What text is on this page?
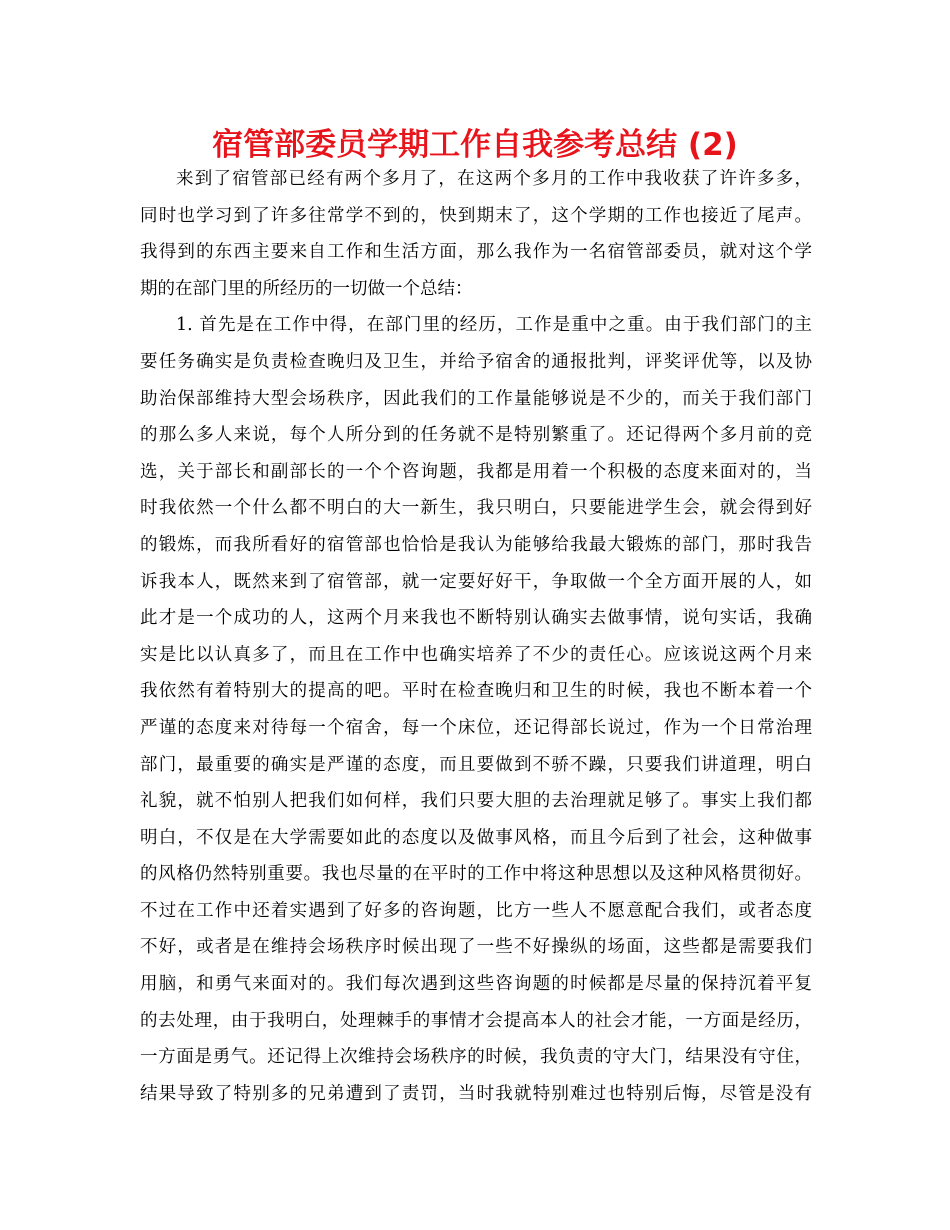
宿管部委员学期工作自我参考总结 (2)
来到了宿管部已经有两个多月了，在这两个多月的工作中我收获了许许多多，
同时也学习到了许多往常学不到的，快到期末了，这个学期的工作也接近了尾声。
我得到的东西主要来自工作和生活方面，那么我作为一名宿管部委员，就对这个学
期的在部门里的所经历的一切做一个总结：
1. 首先是在工作中得，在部门里的经历，工作是重中之重。由于我们部门的主
要任务确实是负责检查晚归及卫生，并给予宿舍的通报批判，评奖评优等，以及协
助治保部维持大型会场秩序，因此我们的工作量能够说是不少的，而关于我们部门
的那么多人来说，每个人所分到的任务就不是特别繁重了。还记得两个多月前的竞
选，关于部长和副部长的一个个咨询题，我都是用着一个积极的态度来面对的，当
时我依然一个什么都不明白的大一新生，我只明白，只要能进学生会，就会得到好
的锻炼，而我所看好的宿管部也恰恰是我认为能够给我最大锻炼的部门，那时我告
诉我本人，既然来到了宿管部，就一定要好好干，争取做一个全方面开展的人，如
此才是一个成功的人，这两个月来我也不断特别认确实去做事情，说句实话，我确
实是比以认真多了，而且在工作中也确实培养了不少的责任心。应该说这两个月来
我依然有着特别大的提高的吧。平时在检查晚归和卫生的时候，我也不断本着一个
严谨的态度来对待每一个宿舍，每一个床位，还记得部长说过，作为一个日常治理
部门，最重要的确实是严谨的态度，而且要做到不骄不躁，只要我们讲道理，明白
礼貌，就不怕别人把我们如何样，我们只要大胆的去治理就足够了。事实上我们都
明白，不仅是在大学需要如此的态度以及做事风格，而且今后到了社会，这种做事
的风格仍然特别重要。我也尽量的在平时的工作中将这种思想以及这种风格贯彻好。
不过在工作中还着实遇到了好多的咨询题，比方一些人不愿意配合我们，或者态度
不好，或者是在维持会场秩序时候出现了一些不好操纵的场面，这些都是需要我们
用脑，和勇气来面对的。我们每次遇到这些咨询题的时候都是尽量的保持沉着平复
的去处理，由于我明白，处理棘手的事情才会提高本人的社会才能，一方面是经历，
一方面是勇气。还记得上次维持会场秩序的时候，我负责的守大门，结果没有守住，
结果导致了特别多的兄弟遭到了责罚，当时我就特别难过也特别后悔，尽管是没有
